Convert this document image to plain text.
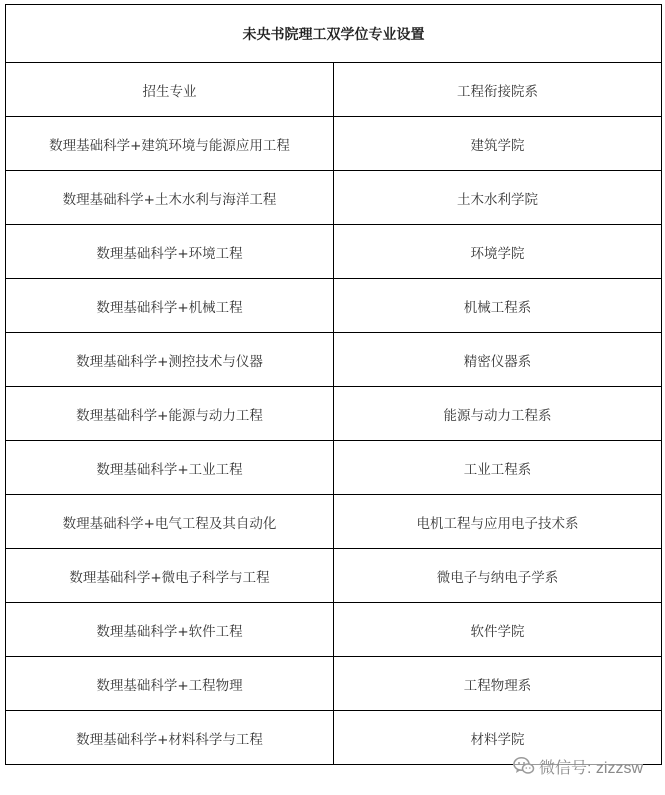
未央书院理工双学位专业设置	
招生专业	工程衔接院系
数理基础科学+建筑环境与能源应用工程	建筑学院
数理基础科学+土木水利与海洋工程	土木水利学院
数理基础科学+环境工程	环境学院
数理基础科学+机械工程	机械工程系
数理基础科学+测控技术与仪器	精密仪器系
数理基础科学+能源与动力工程	能源与动力工程系
数理基础科学+工业工程	工业工程系
数理基础科学+电气工程及其自动化	电机工程与应用电子技术系
数理基础科学+微电子科学与工程	微电子与纳电子学系
数理基础科学+软件工程	软件学院
数理基础科学+工程物理	工程物理系
数理基础科学+材料科学与工程	材料学院
微信号: zizzsw
